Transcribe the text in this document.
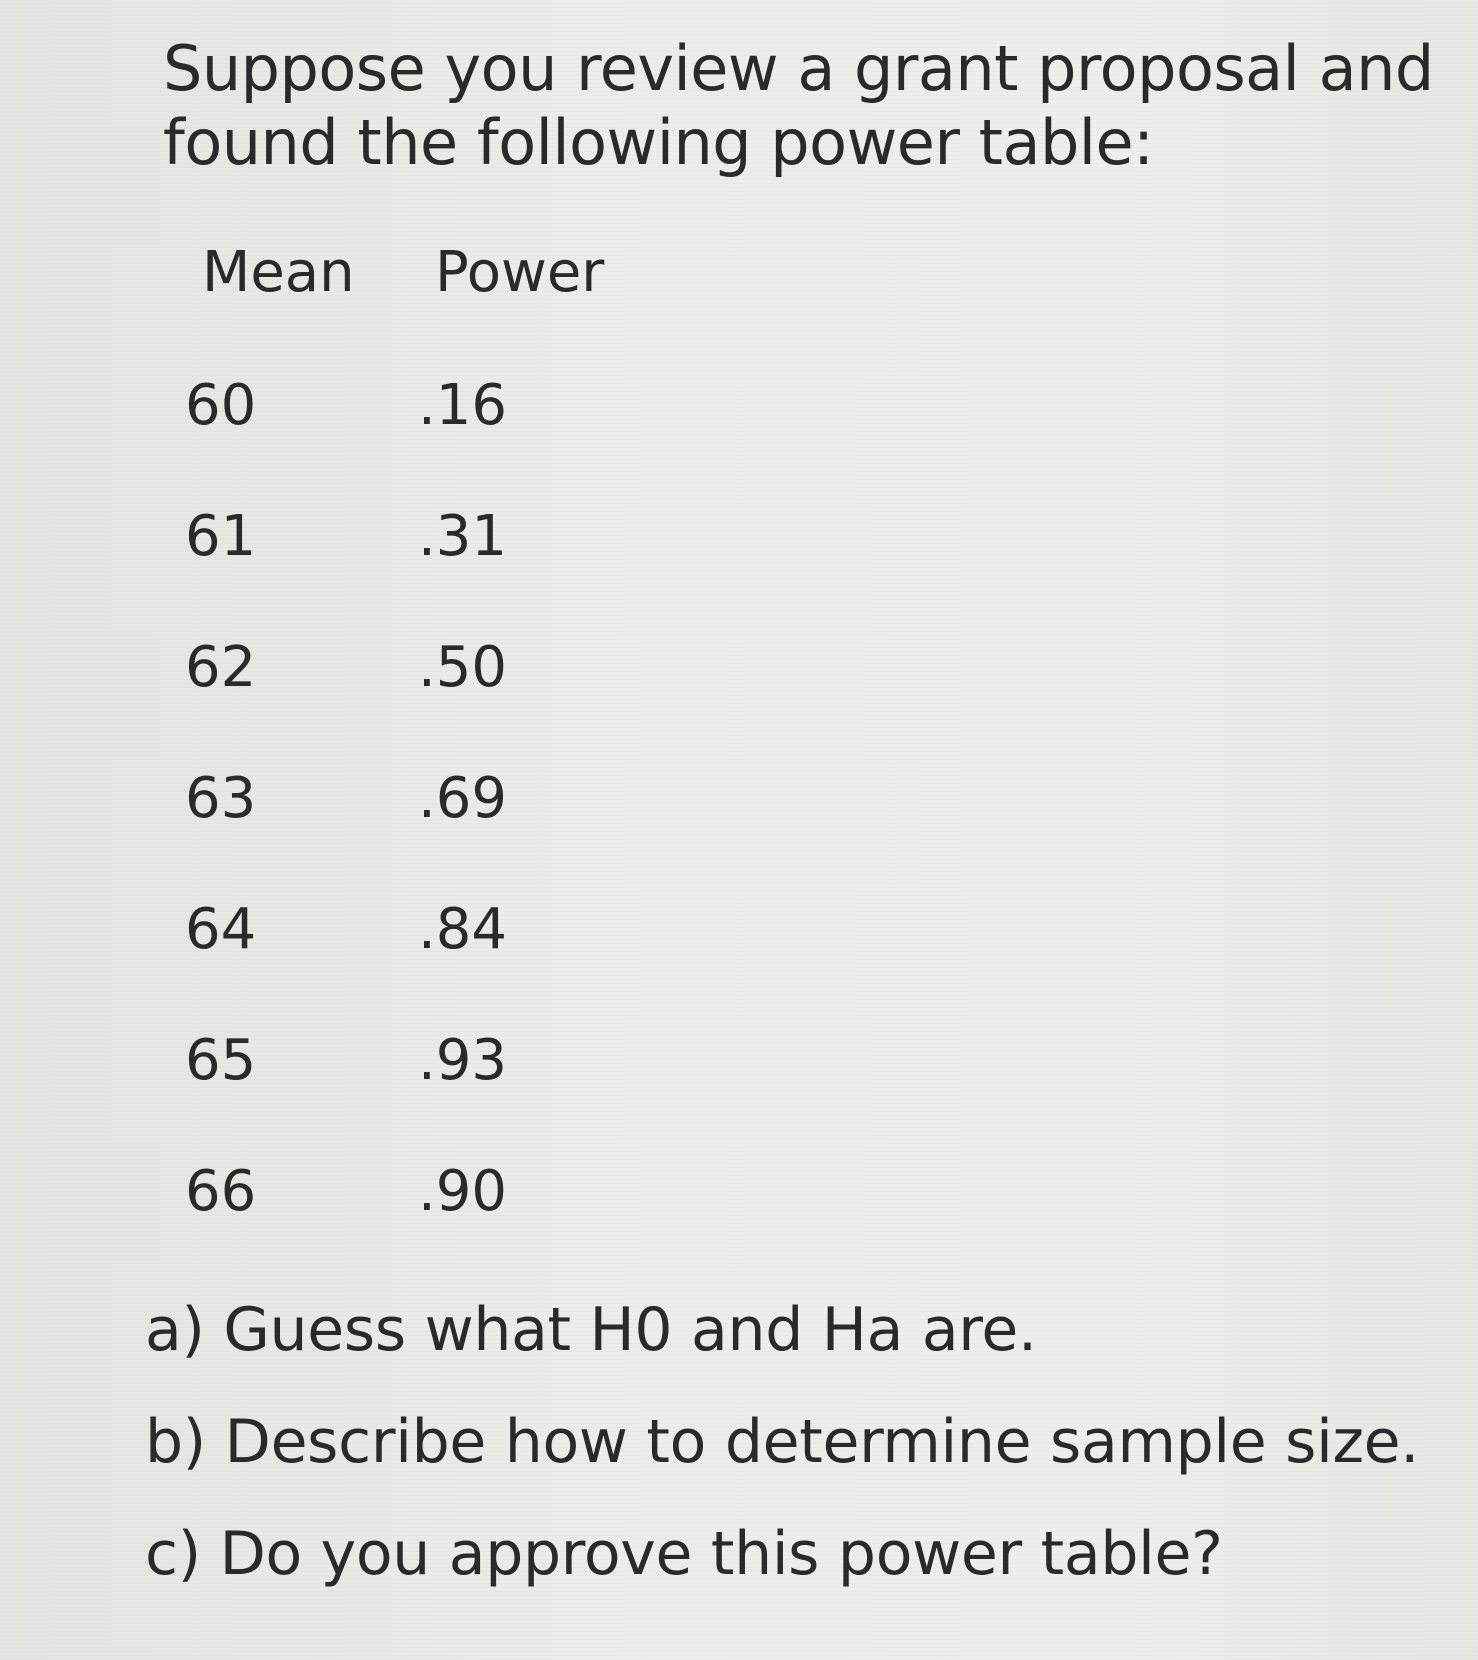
Suppose you review a grant proposal and
found the following power table:

Mean	Power
60	.16
61	.31
62	.50
63	.69
64	.84
65	.93
66	.90
a) Guess what H0 and Ha are.
b) Describe how to determine sample size.
c) Do you approve this power table?
